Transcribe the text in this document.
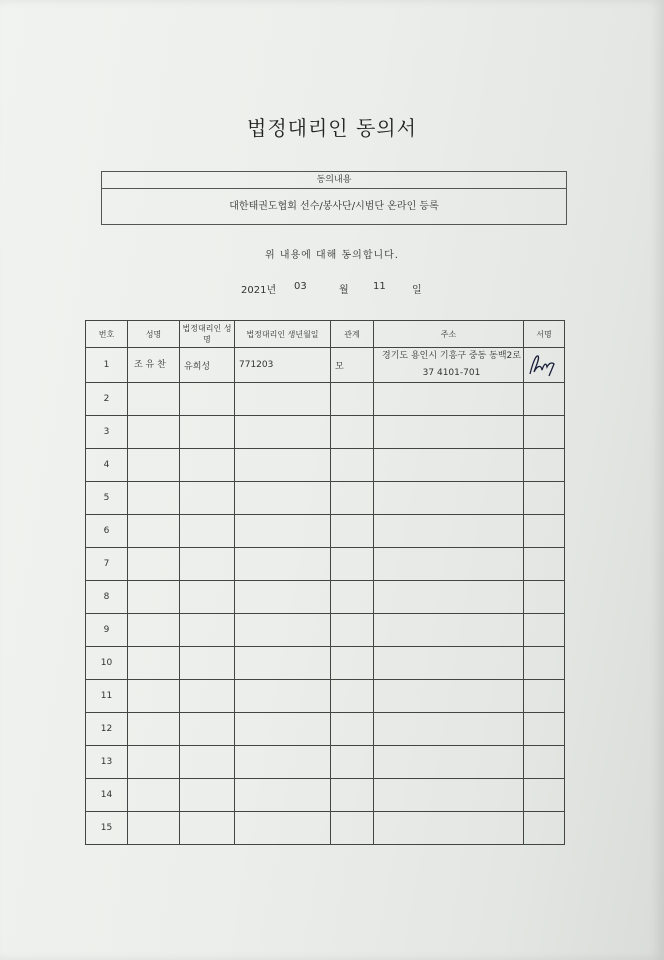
법정대리인 동의서
동의내용
대한태권도협회 선수/봉사단/시범단 온라인 등록
위 내용에 대해 동의합니다.
2021년 03	월 11	일
번호	성명	법정대리인 성명	법정대리인 생년월일	관계	주소	서명
1	조 유 찬	유희성	771203	모	경기도 용인시 기흥구 중동 동백2로37 4101-701	

2						
3						
4						
5						
6						
7						
8						
9						
10						
11						
12						
13						
14						
15						
